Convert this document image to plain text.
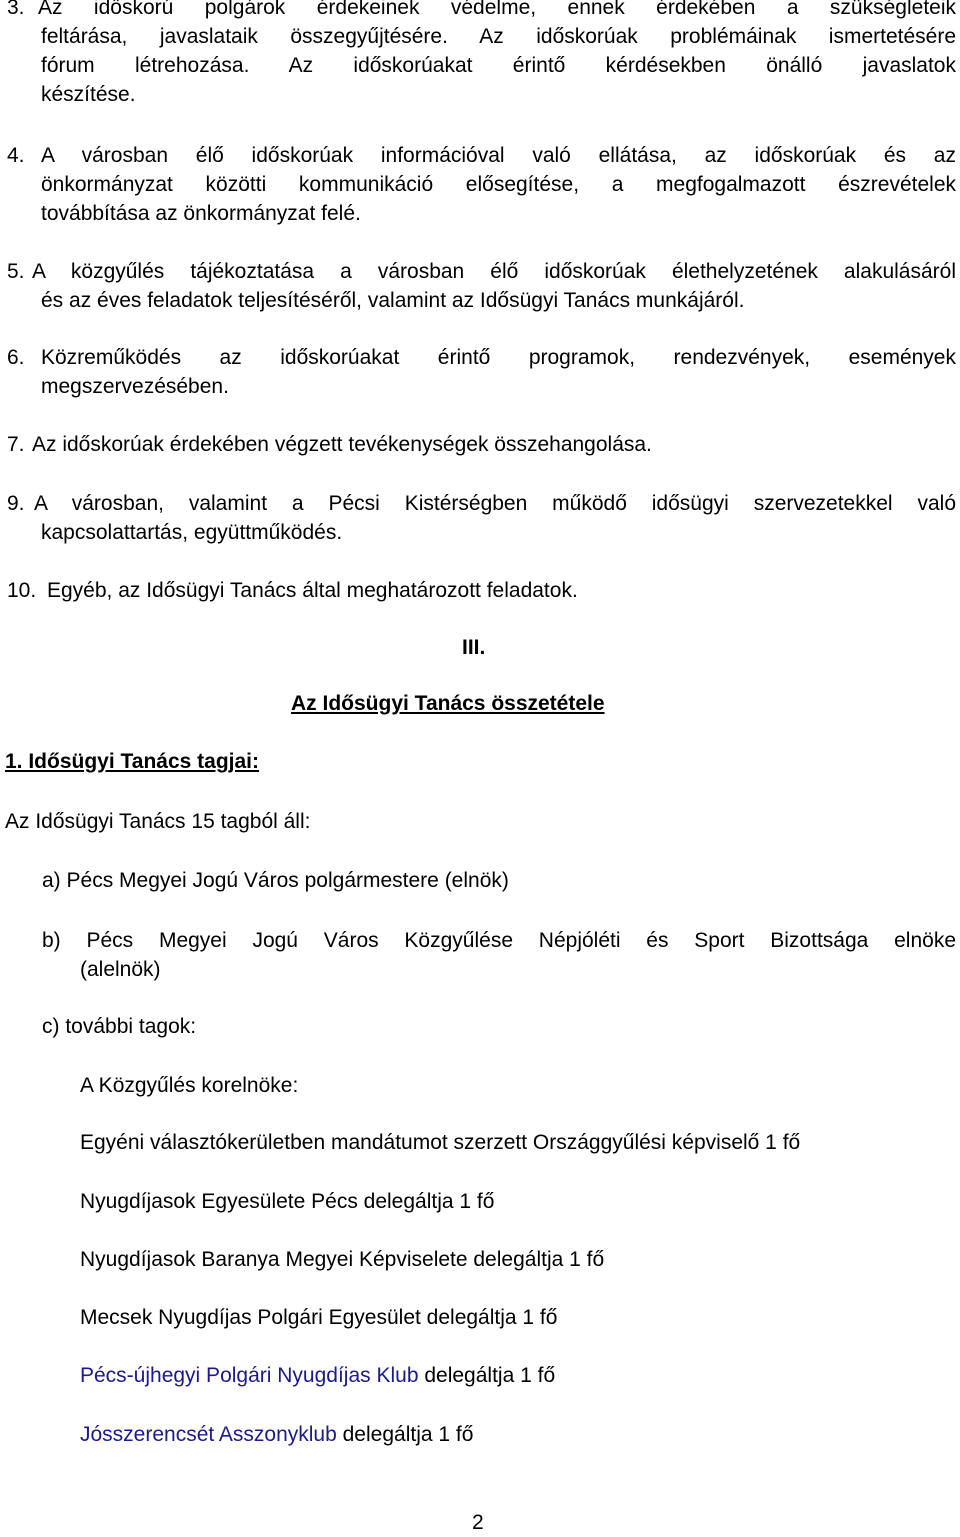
3. Az időskorú polgárok érdekeinek védelme, ennek érdekében a szükségleteik
feltárása, javaslataik összegyűjtésére. Az időskorúak problémáinak ismertetésére
fórum létrehozása. Az időskorúakat érintő kérdésekben önálló javaslatok
készítése.
4. A városban élő időskorúak információval való ellátása, az időskorúak és az
önkormányzat közötti kommunikáció elősegítése, a megfogalmazott észrevételek
továbbítása az önkormányzat felé.
5. A közgyűlés tájékoztatása a városban élő időskorúak élethelyzetének alakulásáról
és az éves feladatok teljesítéséről, valamint az Idősügyi Tanács munkájáról.
6. Közreműködés az időskorúakat érintő programok, rendezvények, események
megszervezésében.
7. Az időskorúak érdekében végzett tevékenységek összehangolása.
9. A városban, valamint a Pécsi Kistérségben működő idősügyi szervezetekkel való
kapcsolattartás, együttműködés.
10. Egyéb, az Idősügyi Tanács által meghatározott feladatok.
III.
Az Idősügyi Tanács összetétele
1. Idősügyi Tanács tagjai:
Az Idősügyi Tanács 15 tagból áll:
a) Pécs Megyei Jogú Város polgármestere (elnök)
b) Pécs Megyei Jogú Város Közgyűlése Népjóléti és Sport Bizottsága elnöke
(alelnök)
c) további tagok:
A Közgyűlés korelnöke:
Egyéni választókerületben mandátumot szerzett Országgyűlési képviselő 1 fő
Nyugdíjasok Egyesülete Pécs delegáltja 1 fő
Nyugdíjasok Baranya Megyei Képviselete delegáltja 1 fő
Mecsek Nyugdíjas Polgári Egyesület delegáltja 1 fő
Pécs-újhegyi Polgári Nyugdíjas Klub delegáltja 1 fő
Jósszerencsét Asszonyklub delegáltja 1 fő
2
